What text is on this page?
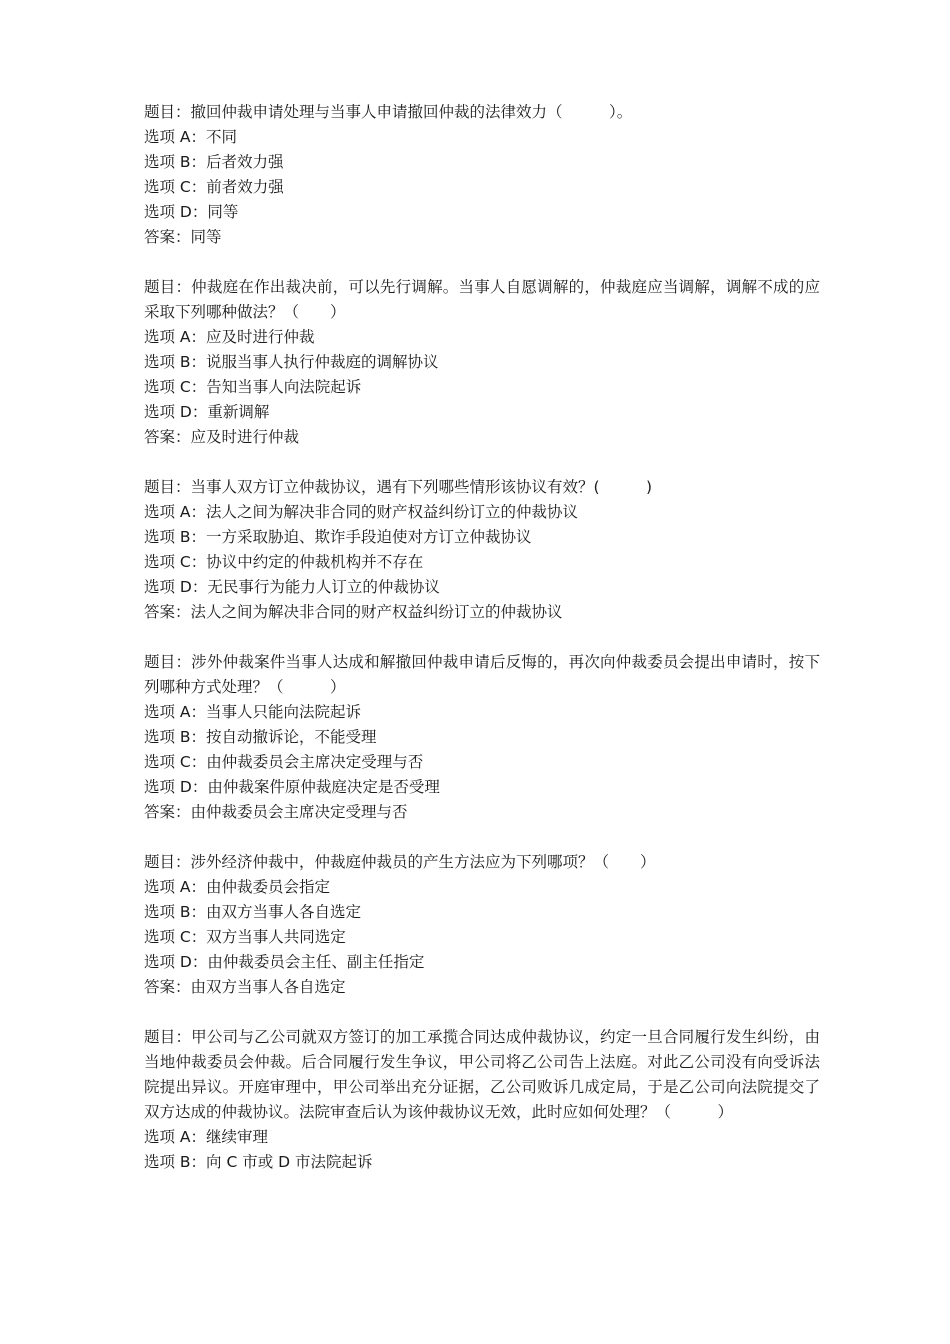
题目：撤回仲裁申请处理与当事人申请撤回仲裁的法律效力（　　　）。
选项 A：不同
选项 B：后者效力强
选项 C：前者效力强
选项 D：同等
答案：同等
题目：仲裁庭在作出裁决前，可以先行调解。当事人自愿调解的，仲裁庭应当调解，调解不成的应采取下列哪种做法？（　　）
选项 A：应及时进行仲裁
选项 B：说服当事人执行仲裁庭的调解协议
选项 C：告知当事人向法院起诉
选项 D：重新调解
答案：应及时进行仲裁
题目：当事人双方订立仲裁协议，遇有下列哪些情形该协议有效？(　　　)
选项 A：法人之间为解决非合同的财产权益纠纷订立的仲裁协议
选项 B：一方采取胁迫、欺诈手段迫使对方订立仲裁协议
选项 C：协议中约定的仲裁机构并不存在
选项 D：无民事行为能力人订立的仲裁协议
答案：法人之间为解决非合同的财产权益纠纷订立的仲裁协议
题目：涉外仲裁案件当事人达成和解撤回仲裁申请后反悔的，再次向仲裁委员会提出申请时，按下列哪种方式处理？（　　　）
选项 A：当事人只能向法院起诉
选项 B：按自动撤诉论，不能受理
选项 C：由仲裁委员会主席决定受理与否
选项 D：由仲裁案件原仲裁庭决定是否受理
答案：由仲裁委员会主席决定受理与否
题目：涉外经济仲裁中，仲裁庭仲裁员的产生方法应为下列哪项？（　　）
选项 A：由仲裁委员会指定
选项 B：由双方当事人各自选定
选项 C：双方当事人共同选定
选项 D：由仲裁委员会主任、副主任指定
答案：由双方当事人各自选定
题目：甲公司与乙公司就双方签订的加工承揽合同达成仲裁协议，约定一旦合同履行发生纠纷，由当地仲裁委员会仲裁。后合同履行发生争议，甲公司将乙公司告上法庭。对此乙公司没有向受诉法院提出异议。开庭审理中，甲公司举出充分证据，乙公司败诉几成定局，于是乙公司向法院提交了双方达成的仲裁协议。法院审查后认为该仲裁协议无效，此时应如何处理？（　　　）
选项 A：继续审理
选项 B：向 C 市或 D 市法院起诉
